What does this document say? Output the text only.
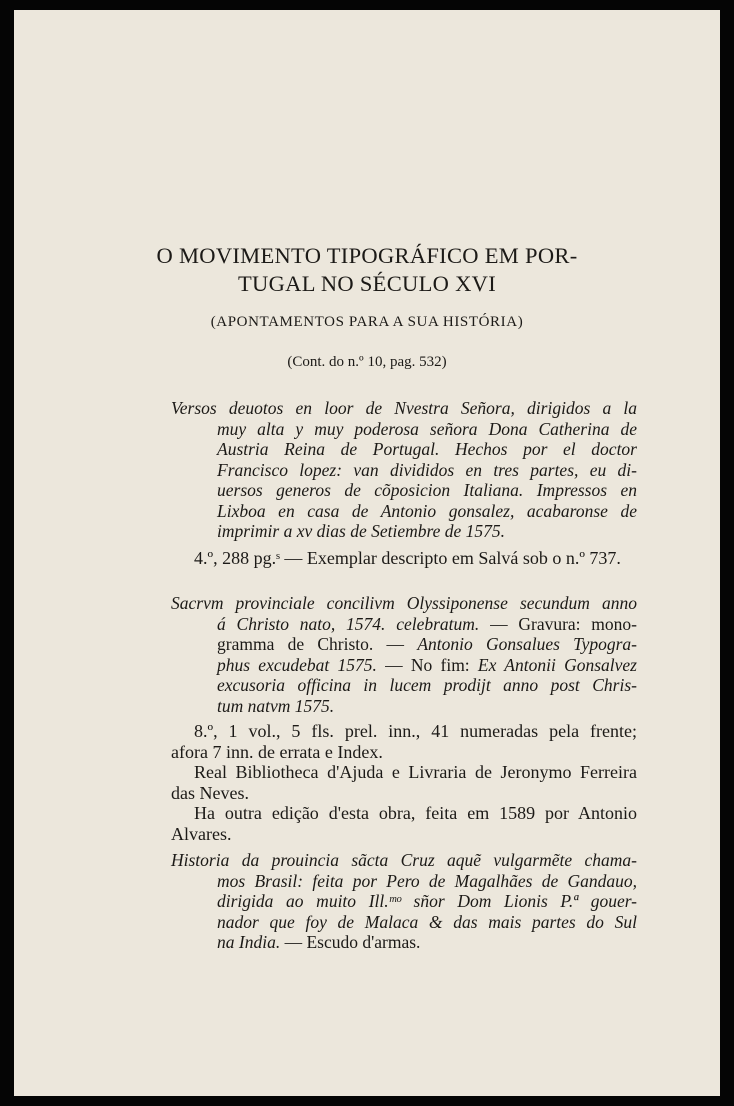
O MOVIMENTO TIPOGRÁFICO EM POR-
TUGAL NO SÉCULO XVI
(APONTAMENTOS PARA A SUA HISTÓRIA)
(Cont. do n.º 10, pag. 532)
Versos deuotos en loor de Nvestra Señora, dirigidos a la
muy alta y muy poderosa señora Dona Catherina de
Austria Reina de Portugal. Hechos por el doctor
Francisco lopez: van divididos en tres partes, eu di-
uersos generos de cõposicion Italiana. Impressos en
Lixboa en casa de Antonio gonsalez, acabaronse de
imprimir a xv dias de Setiembre de 1575.
4.º, 288 pg.ˢ — Exemplar descripto em Salvá sob o n.º 737.
Sacrvm provinciale concilivm Olyssiponense secundum anno
á Christo nato, 1574. celebratum. — Gravura: mono-
gramma de Christo. — Antonio Gonsalues Typogra-
phus excudebat 1575. — No fim: Ex Antonii Gonsalvez
excusoria officina in lucem prodijt anno post Chris-
tum natvm 1575.
8.º, 1 vol., 5 fls. prel. inn., 41 numeradas pela frente;
afora 7 inn. de errata e Index.
Real Bibliotheca d'Ajuda e Livraria de Jeronymo Ferreira
das Neves.
Ha outra edição d'esta obra, feita em 1589 por Antonio
Alvares.
Historia da prouincia sãcta Cruz aquẽ vulgarmẽte chama-
mos Brasil: feita por Pero de Magalhães de Gandauo,
dirigida ao muito Ill.ᵐᵒ sñor Dom Lionis P.ª gouer-
nador que foy de Malaca & das mais partes do Sul
na India. — Escudo d'armas.
